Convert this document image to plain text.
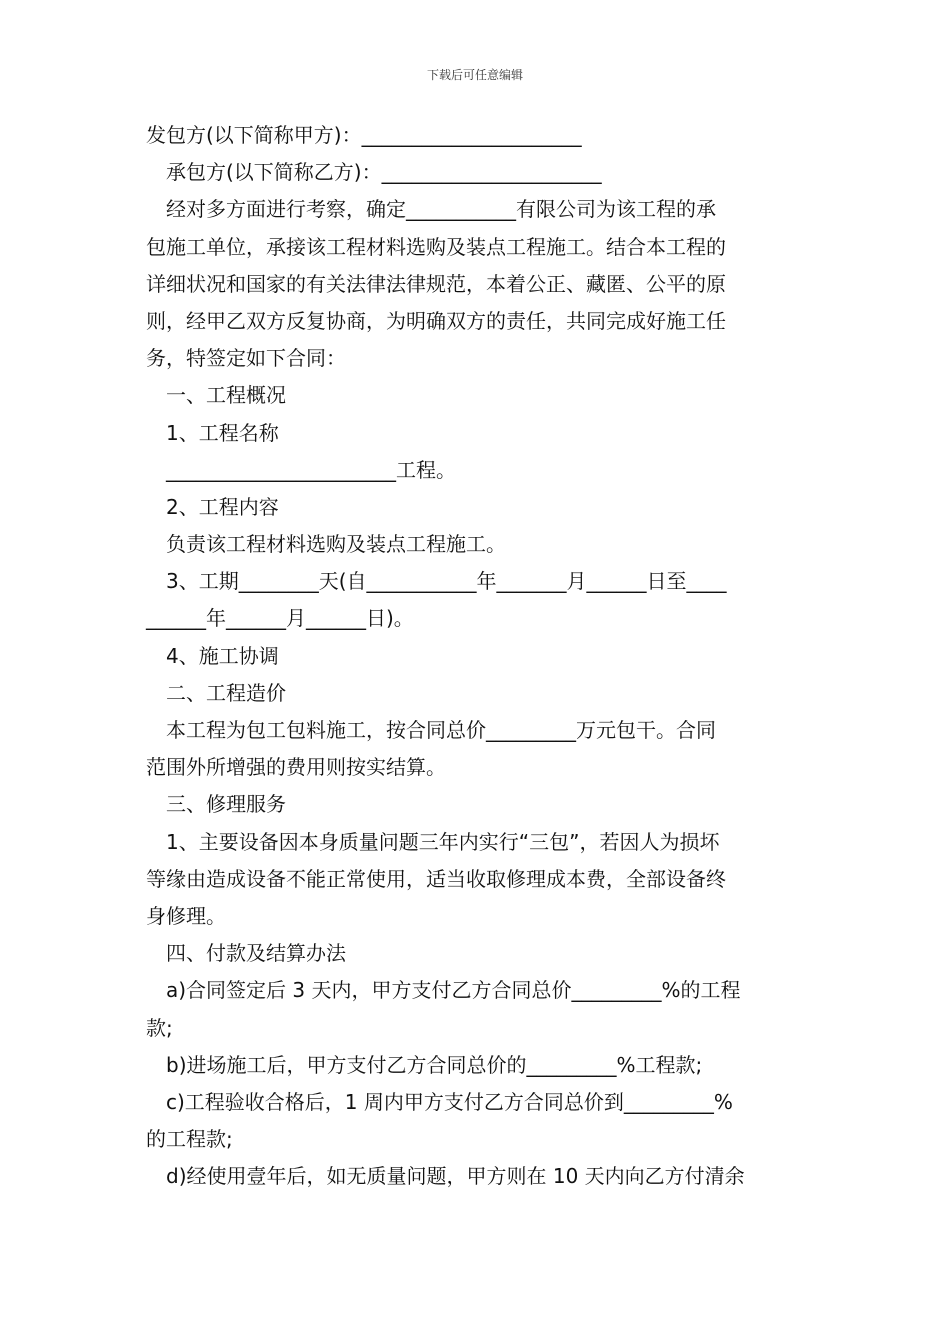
下载后可任意编辑
发包方(以下简称甲方)：______________________
承包方(以下简称乙方)：______________________
经对多方面进行考察，确定___________有限公司为该工程的承
包施工单位，承接该工程材料选购及装点工程施工。结合本工程的
详细状况和国家的有关法律法律规范，本着公正、藏匿、公平的原
则，经甲乙双方反复协商，为明确双方的责任，共同完成好施工任
务，特签定如下合同：
一、工程概况
1、工程名称
_______________________工程。
2、工程内容
负责该工程材料选购及装点工程施工。
3、工期________天(自___________年_______月______日至____
______年______月______日)。
4、施工协调
二、工程造价
本工程为包工包料施工，按合同总价_________万元包干。合同
范围外所增强的费用则按实结算。
三、修理服务
1、主要设备因本身质量问题三年内实行“三包”，若因人为损坏
等缘由造成设备不能正常使用，适当收取修理成本费，全部设备终
身修理。
四、付款及结算办法
a)合同签定后 3 天内，甲方支付乙方合同总价_________%的工程
款;
b)进场施工后，甲方支付乙方合同总价的_________%工程款;
c)工程验收合格后，1 周内甲方支付乙方合同总价到_________%
的工程款;
d)经使用壹年后，如无质量问题，甲方则在 10 天内向乙方付清余
